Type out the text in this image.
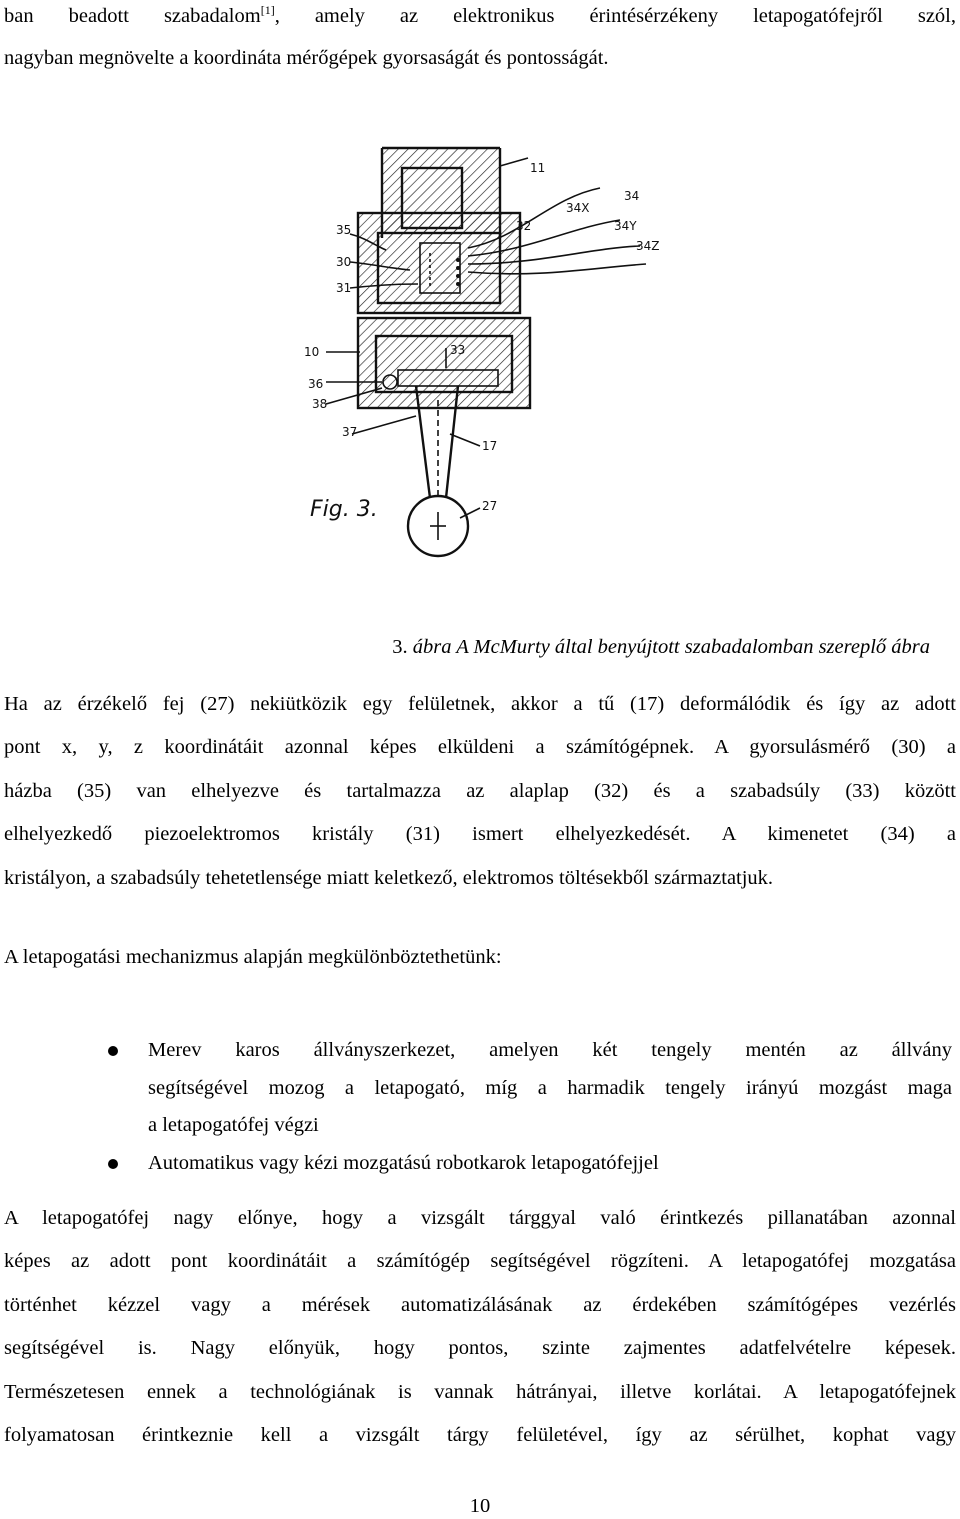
ban beadott szabadalom[1], amely az elektronikus érintésérzékeny letapogatófejről szól,
nagyban megnövelte a koordináta mérőgépek gyorsaságát és pontosságát.
11
34
34X
34Y
34Z
32
35
30
31
33
10
36
38
37
17
27
Fig. 3.
3. ábra A McMurty által benyújtott szabadalomban szereplő ábra
Ha az érzékelő fej (27) nekiütközik egy felületnek, akkor a tű (17) deformálódik és így az adott
pont x, y, z koordinátáit azonnal képes elküldeni a számítógépnek. A gyorsulásmérő (30) a
házba (35) van elhelyezve és tartalmazza az alaplap (32) és a szabadsúly (33) között
elhelyezkedő piezoelektromos kristály (31) ismert elhelyezkedését. A kimenetet (34) a
kristályon, a szabadsúly tehetetlensége miatt keletkező, elektromos töltésekből származtatjuk.
A letapogatási mechanizmus alapján megkülönböztethetünk:
Merev karos állványszerkezet, amelyen két tengely mentén az állvány
segítségével mozog a letapogató, míg a harmadik tengely irányú mozgást maga
a letapogatófej végzi
Automatikus vagy kézi mozgatású robotkarok letapogatófejjel
A letapogatófej nagy előnye, hogy a vizsgált tárggyal való érintkezés pillanatában azonnal
képes az adott pont koordinátáit a számítógép segítségével rögzíteni. A letapogatófej mozgatása
történhet kézzel vagy a mérések automatizálásának az érdekében számítógépes vezérlés
segítségével is. Nagy előnyük, hogy pontos, szinte zajmentes adatfelvételre képesek.
Természetesen ennek a technológiának is vannak hátrányai, illetve korlátai. A letapogatófejnek
folyamatosan érintkeznie kell a vizsgált tárgy felületével, így az sérülhet, kophat vagy
10
